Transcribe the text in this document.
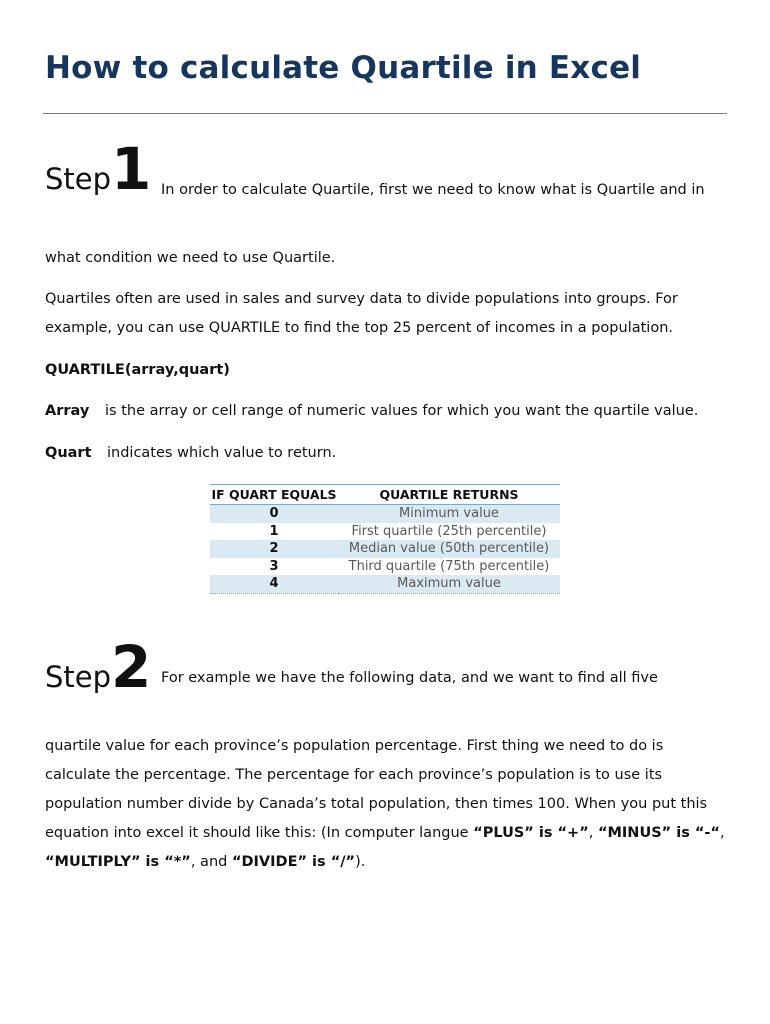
How to calculate Quartile in Excel
Step1 In order to calculate Quartile, first we need to know what is Quartile and in

what condition we need to use Quartile.

Quartiles often are used in sales and survey data to divide populations into groups. For example, you can use QUARTILE to find the top 25 percent of incomes in a population.

QUARTILE(array,quart)

Array is the array or cell range of numeric values for which you want the quartile value.
Quart indicates which value to return.
IF QUART EQUALS	QUARTILE RETURNS
0	Minimum value
1	First quartile (25th percentile)
2	Median value (50th percentile)
3	Third quartile (75th percentile)
4	Maximum value
Step2 For example we have the following data, and we want to find all five

quartile value for each province’s population percentage. First thing we need to do is calculate the percentage. The percentage for each province’s population is to use its population number divide by Canada’s total population, then times 100. When you put this equation into excel it should like this: (In computer langue “PLUS” is “+”, “MINUS” is “-“, “MULTIPLY” is “*”, and “DIVIDE” is “/”).
